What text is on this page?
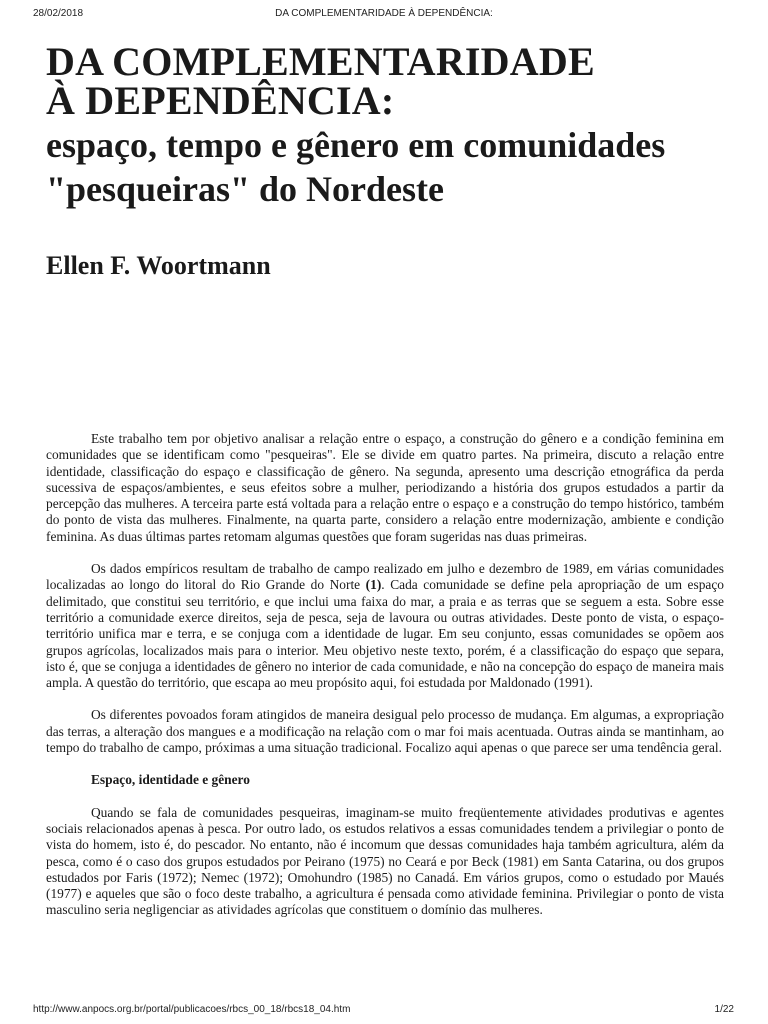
28/02/2018	DA COMPLEMENTARIDADE À DEPENDÊNCIA:
DA COMPLEMENTARIDADE
À DEPENDÊNCIA:
espaço, tempo e gênero em comunidades "pesqueiras" do Nordeste
Ellen F. Woortmann

Este trabalho tem por objetivo analisar a relação entre o espaço, a construção do gênero e a condição feminina em comunidades que se identificam como "pesqueiras". Ele se divide em quatro partes. Na primeira, discuto a relação entre identidade, classificação do espaço e classificação de gênero. Na segunda, apresento uma descrição etnográfica da perda sucessiva de espaços/ambientes, e seus efeitos sobre a mulher, periodizando a história dos grupos estudados a partir da percepção das mulheres. A terceira parte está voltada para a relação entre o espaço e a construção do tempo histórico, também do ponto de vista das mulheres. Finalmente, na quarta parte, considero a relação entre modernização, ambiente e condição feminina. As duas últimas partes retomam algumas questões que foram sugeridas nas duas primeiras.

Os dados empíricos resultam de trabalho de campo realizado em julho e dezembro de 1989, em várias comunidades localizadas ao longo do litoral do Rio Grande do Norte (1). Cada comunidade se define pela apropriação de um espaço delimitado, que constitui seu território, e que inclui uma faixa do mar, a praia e as terras que se seguem a esta. Sobre esse território a comunidade exerce direitos, seja de pesca, seja de lavoura ou outras atividades. Deste ponto de vista, o espaço-território unifica mar e terra, e se conjuga com a identidade de lugar. Em seu conjunto, essas comunidades se opõem aos grupos agrícolas, localizados mais para o interior. Meu objetivo neste texto, porém, é a classificação do espaço que separa, isto é, que se conjuga a identidades de gênero no interior de cada comunidade, e não na concepção do espaço de maneira mais ampla. A questão do território, que escapa ao meu propósito aqui, foi estudada por Maldonado (1991).

Os diferentes povoados foram atingidos de maneira desigual pelo processo de mudança. Em algumas, a expropriação das terras, a alteração dos mangues e a modificação na relação com o mar foi mais acentuada. Outras ainda se mantinham, ao tempo do trabalho de campo, próximas a uma situação tradicional. Focalizo aqui apenas o que parece ser uma tendência geral.

Espaço, identidade e gênero

Quando se fala de comunidades pesqueiras, imaginam-se muito freqüentemente atividades produtivas e agentes sociais relacionados apenas à pesca. Por outro lado, os estudos relativos a essas comunidades tendem a privilegiar o ponto de vista do homem, isto é, do pescador. No entanto, não é incomum que dessas comunidades haja também agricultura, além da pesca, como é o caso dos grupos estudados por Peirano (1975) no Ceará e por Beck (1981) em Santa Catarina, ou dos grupos estudados por Faris (1972); Nemec (1972); Omohundro (1985) no Canadá. Em vários grupos, como o estudado por Maués (1977) e aqueles que são o foco deste trabalho, a agricultura é pensada como atividade feminina. Privilegiar o ponto de vista masculino seria negligenciar as atividades agrícolas que constituem o domínio das mulheres.

http://www.anpocs.org.br/portal/publicacoes/rbcs_00_18/rbcs18_04.htm	1/22
